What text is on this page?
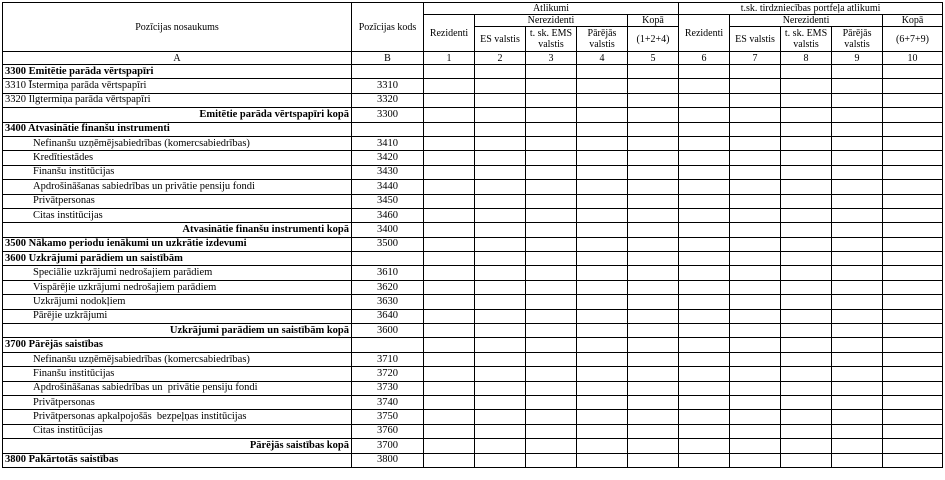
Pozīcijas nosaukums	Pozīcijas kods	Atlikumi					t.sk. tirdzniecības portfeļa atlikumi				
		Rezidenti	Nerezidenti			Kopā	Rezidenti	Nerezidenti			Kopā
			ES valstis	t. sk. EMS valstis	Pārējās valstis	(1+2+4)		ES valstis	t. sk. EMS valstis	Pārējās valstis	(6+7+9)
A	B	1	2	3	4	5	6	7	8	9	10
3300 Emitētie parāda vērtspapīri											
3310 Īstermiņa parāda vērtspapīri	3310										
3320 Ilgtermiņa parāda vērtspapīri	3320										
Emitētie parāda vērtspapīri kopā	3300										
3400 Atvasinātie finanšu instrumenti											
Nefinanšu uzņēmējsabiedrības (komercsabiedrības)	3410										
Kredītiestādes	3420										
Finanšu institūcijas	3430										
Apdrošināšanas sabiedrības un privātie pensiju fondi	3440										
Privātpersonas	3450										
Citas institūcijas	3460										
Atvasinātie finanšu instrumenti kopā	3400										
3500 Nākamo periodu ienākumi un uzkrātie izdevumi	3500										
3600 Uzkrājumi parādiem un saistībām											
Speciālie uzkrājumi nedrošajiem parādiem	3610										
Vispārējie uzkrājumi nedrošajiem parādiem	3620										
Uzkrājumi nodokļiem	3630										
Pārējie uzkrājumi	3640										
Uzkrājumi parādiem un saistībām kopā	3600										
3700 Pārējās saistības											
Nefinanšu uzņēmējsabiedrības (komercsabiedrības)	3710										
Finanšu institūcijas	3720										
Apdrošināšanas sabiedrības un  privātie pensiju fondi	3730										
Privātpersonas	3740										
Privātpersonas apkalpojošās  bezpeļņas institūcijas	3750										
Citas institūcijas	3760										
Pārējās saistības kopā	3700										
3800 Pakārtotās saistības	3800										
